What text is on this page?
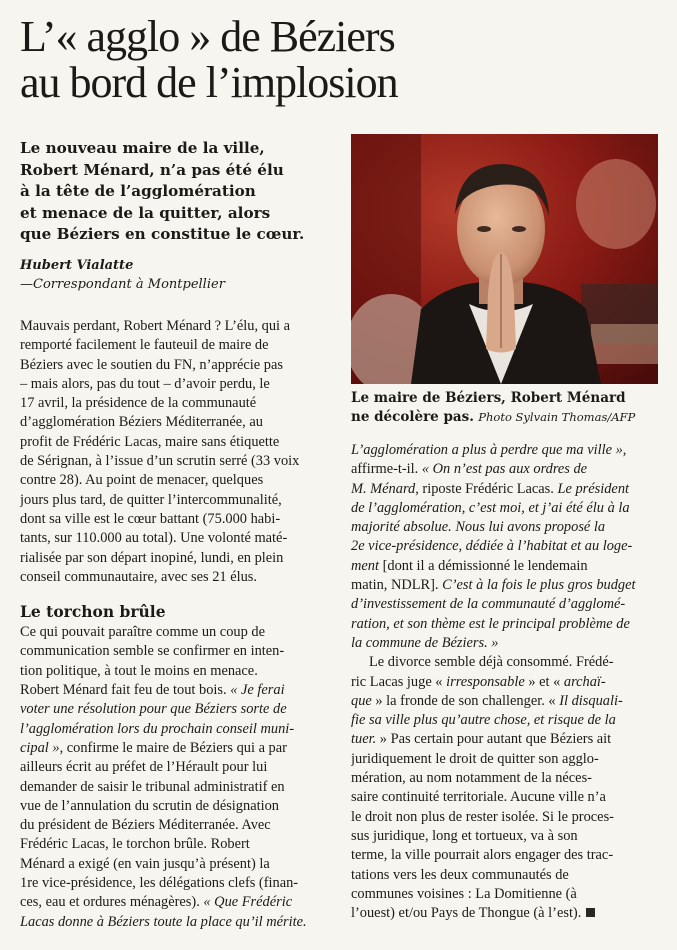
L’« agglo » de Béziers
au bord de l’implosion
Le nouveau maire de la ville,
Robert Ménard, n’a pas été élu
à la tête de l’agglomération
et menace de la quitter, alors
que Béziers en constitue le cœur.
Hubert Vialatte
—Correspondant à Montpellier
Le maire de Béziers, Robert Ménard
ne décolère pas. Photo Sylvain Thomas/AFP
Mauvais perdant, Robert Ménard ? L’élu, qui a
remporté facilement le fauteuil de maire de
Béziers avec le soutien du FN, n’apprécie pas
– mais alors, pas du tout – d’avoir perdu, le
17 avril, la présidence de la communauté
d’agglomération Béziers Méditerranée, au
profit de Frédéric Lacas, maire sans étiquette
de Sérignan, à l’issue d’un scrutin serré (33 voix
contre 28). Au point de menacer, quelques
jours plus tard, de quitter l’intercommunalité,
dont sa ville est le cœur battant (75.000 habi-
tants, sur 110.000 au total). Une volonté maté-
rialisée par son départ inopiné, lundi, en plein
conseil communautaire, avec ses 21 élus.
Le torchon brûle
Ce qui pouvait paraître comme un coup de
communication semble se confirmer en inten-
tion politique, à tout le moins en menace.
Robert Ménard fait feu de tout bois. « Je ferai
voter une résolution pour que Béziers sorte de
l’agglomération lors du prochain conseil muni-
cipal », confirme le maire de Béziers qui a par
ailleurs écrit au préfet de l’Hérault pour lui
demander de saisir le tribunal administratif en
vue de l’annulation du scrutin de désignation
du président de Béziers Méditerranée. Avec
Frédéric Lacas, le torchon brûle. Robert
Ménard a exigé (en vain jusqu’à présent) la
1re vice-présidence, les délégations clefs (finan-
ces, eau et ordures ménagères). « Que Frédéric
Lacas donne à Béziers toute la place qu’il mérite.
L’agglomération a plus à perdre que ma ville »,
affirme-t-il. « On n’est pas aux ordres de
M. Ménard, riposte Frédéric Lacas. Le président
de l’agglomération, c’est moi, et j’ai été élu à la
majorité absolue. Nous lui avons proposé la
2e vice-présidence, dédiée à l’habitat et au loge-
ment [dont il a démissionné le lendemain
matin, NDLR]. C’est à la fois le plus gros budget
d’investissement de la communauté d’agglomé-
ration, et son thème est le principal problème de
la commune de Béziers. »
Le divorce semble déjà consommé. Frédé-
ric Lacas juge « irresponsable » et « archaï-
que » la fronde de son challenger. « Il disquali-
fie sa ville plus qu’autre chose, et risque de la
tuer. » Pas certain pour autant que Béziers ait
juridiquement le droit de quitter son agglo-
mération, au nom notamment de la néces-
saire continuité territoriale. Aucune ville n’a
le droit non plus de rester isolée. Si le proces-
sus juridique, long et tortueux, va à son
terme, la ville pourrait alors engager des trac-
tations vers les deux communautés de
communes voisines : La Domitienne (à
l’ouest) et/ou Pays de Thongue (à l’est).
